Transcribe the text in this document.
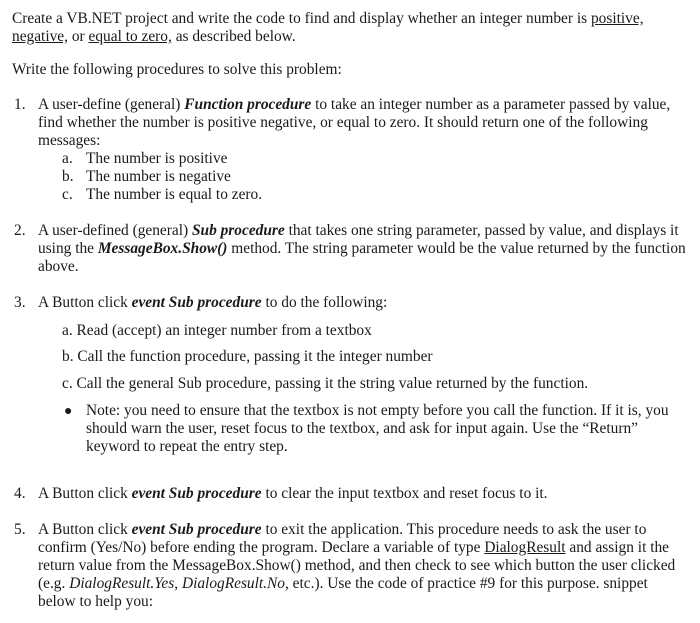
Create a VB.NET project and write the code to find and display whether an integer number is positive,
negative, or equal to zero, as described below.
Write the following procedures to solve this problem:
1. A user-define (general) Function procedure to take an integer number as a parameter passed by value, find whether the number is positive negative, or equal to zero. It should return one of the following messages:
a. The number is positive
b. The number is negative
c. The number is equal to zero.
2. A user-defined (general) Sub procedure that takes one string parameter, passed by value, and displays it using the MessageBox.Show() method. The string parameter would be the value returned by the function above.
3. A Button click event Sub procedure to do the following:
a. Read (accept) an integer number from a textbox
b. Call the function procedure, passing it the integer number
c. Call the general Sub procedure, passing it the string value returned by the function.
● Note: you need to ensure that the textbox is not empty before you call the function. If it is, you should warn the user, reset focus to the textbox, and ask for input again. Use the “Return” keyword to repeat the entry step.
4. A Button click event Sub procedure to clear the input textbox and reset focus to it.
5. A Button click event Sub procedure to exit the application. This procedure needs to ask the user to confirm (Yes/No) before ending the program. Declare a variable of type DialogResult and assign it the return value from the MessageBox.Show() method, and then check to see which button the user clicked (e.g. DialogResult.Yes, DialogResult.No, etc.). Use the code of practice #9 for this purpose. snippet below to help you:
